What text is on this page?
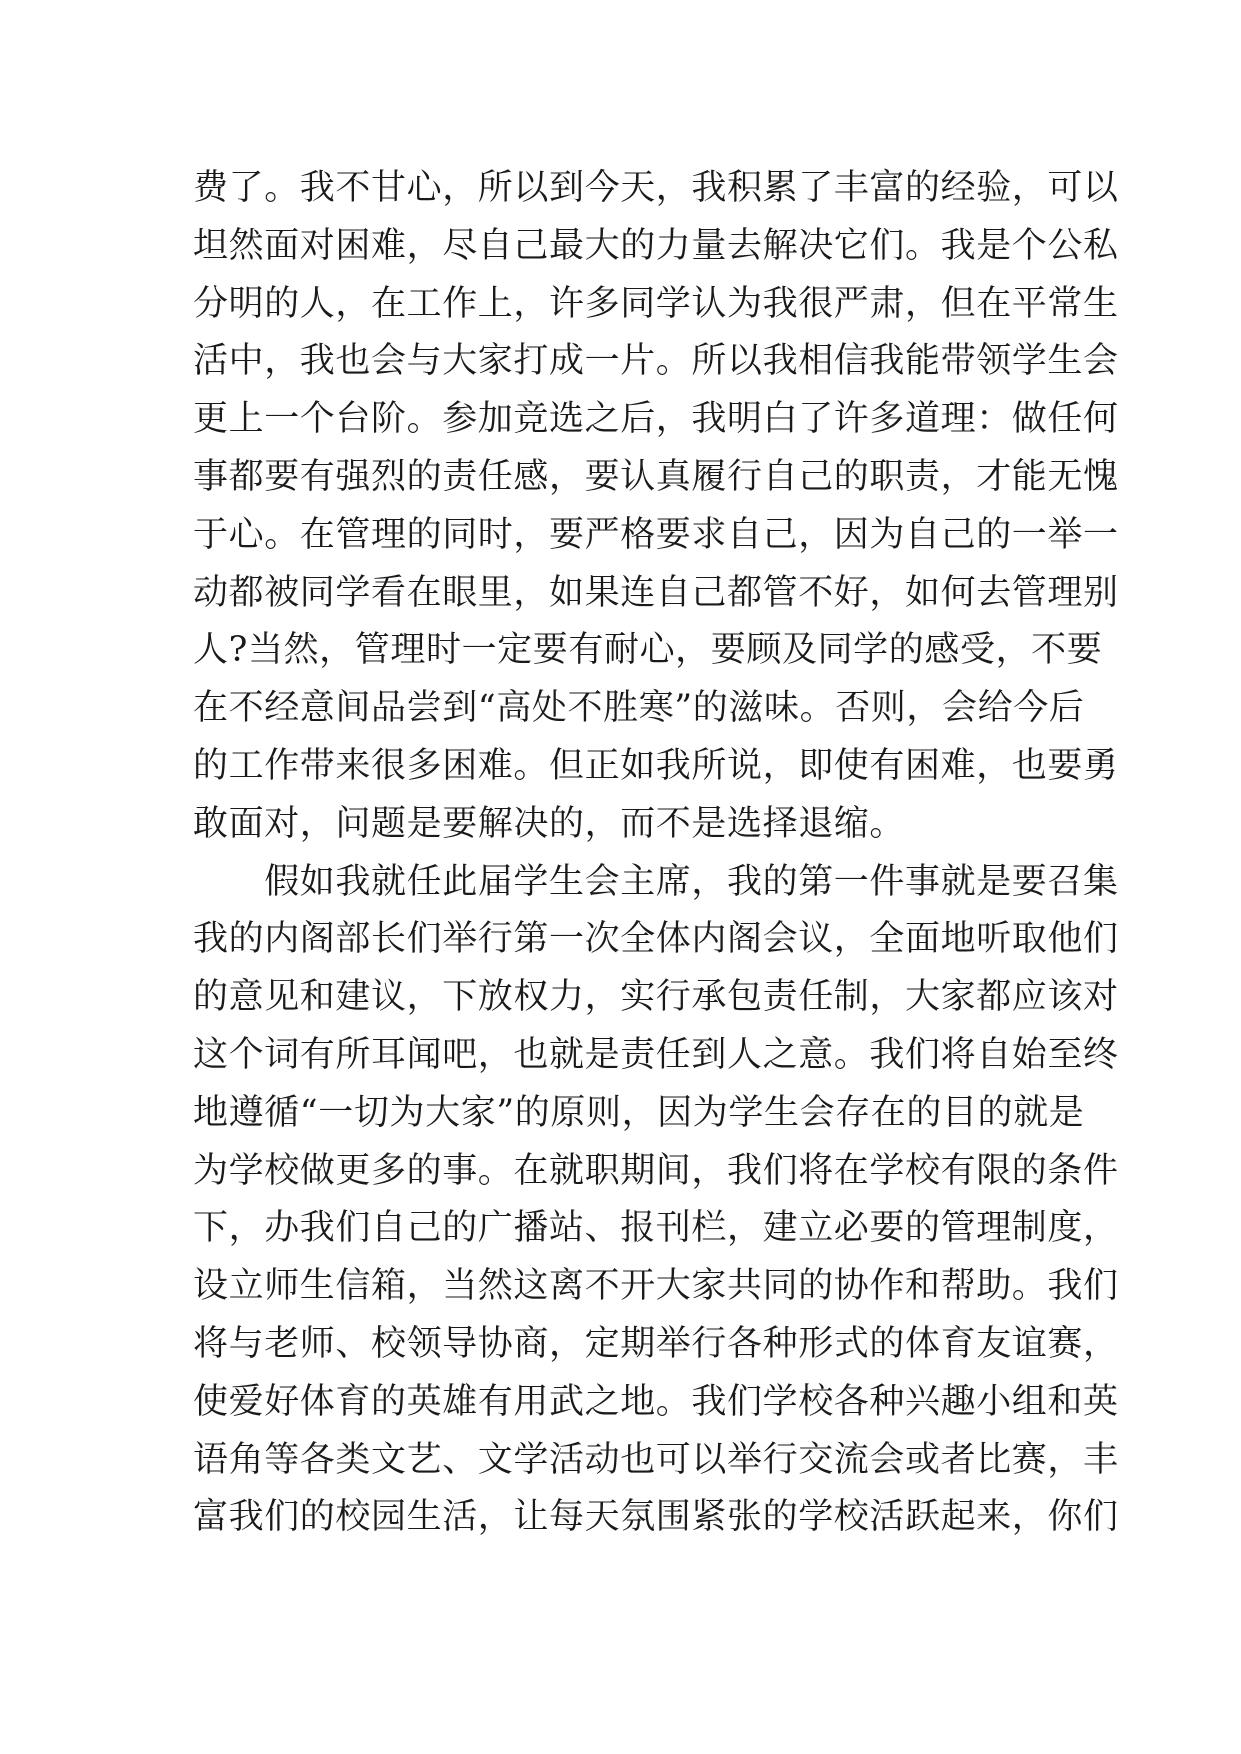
费了。我不甘心，所以到今天，我积累了丰富的经验，可以
坦然面对困难，尽自己最大的力量去解决它们。我是个公私
分明的人，在工作上，许多同学认为我很严肃，但在平常生
活中，我也会与大家打成一片。所以我相信我能带领学生会
更上一个台阶。参加竞选之后，我明白了许多道理：做任何
事都要有强烈的责任感，要认真履行自己的职责，才能无愧
于心。在管理的同时，要严格要求自己，因为自己的一举一
动都被同学看在眼里，如果连自己都管不好，如何去管理别
人?当然，管理时一定要有耐心，要顾及同学的感受，不要
在不经意间品尝到“高处不胜寒”的滋味。否则，会给今后
的工作带来很多困难。但正如我所说，即使有困难，也要勇
敢面对，问题是要解决的，而不是选择退缩。
　　假如我就任此届学生会主席，我的第一件事就是要召集
我的内阁部长们举行第一次全体内阁会议，全面地听取他们
的意见和建议，下放权力，实行承包责任制，大家都应该对
这个词有所耳闻吧，也就是责任到人之意。我们将自始至终
地遵循“一切为大家”的原则，因为学生会存在的目的就是
为学校做更多的事。在就职期间，我们将在学校有限的条件
下，办我们自己的广播站、报刊栏，建立必要的管理制度，
设立师生信箱，当然这离不开大家共同的协作和帮助。我们
将与老师、校领导协商，定期举行各种形式的体育友谊赛，
使爱好体育的英雄有用武之地。我们学校各种兴趣小组和英
语角等各类文艺、文学活动也可以举行交流会或者比赛，丰
富我们的校园生活，让每天氛围紧张的学校活跃起来，你们
